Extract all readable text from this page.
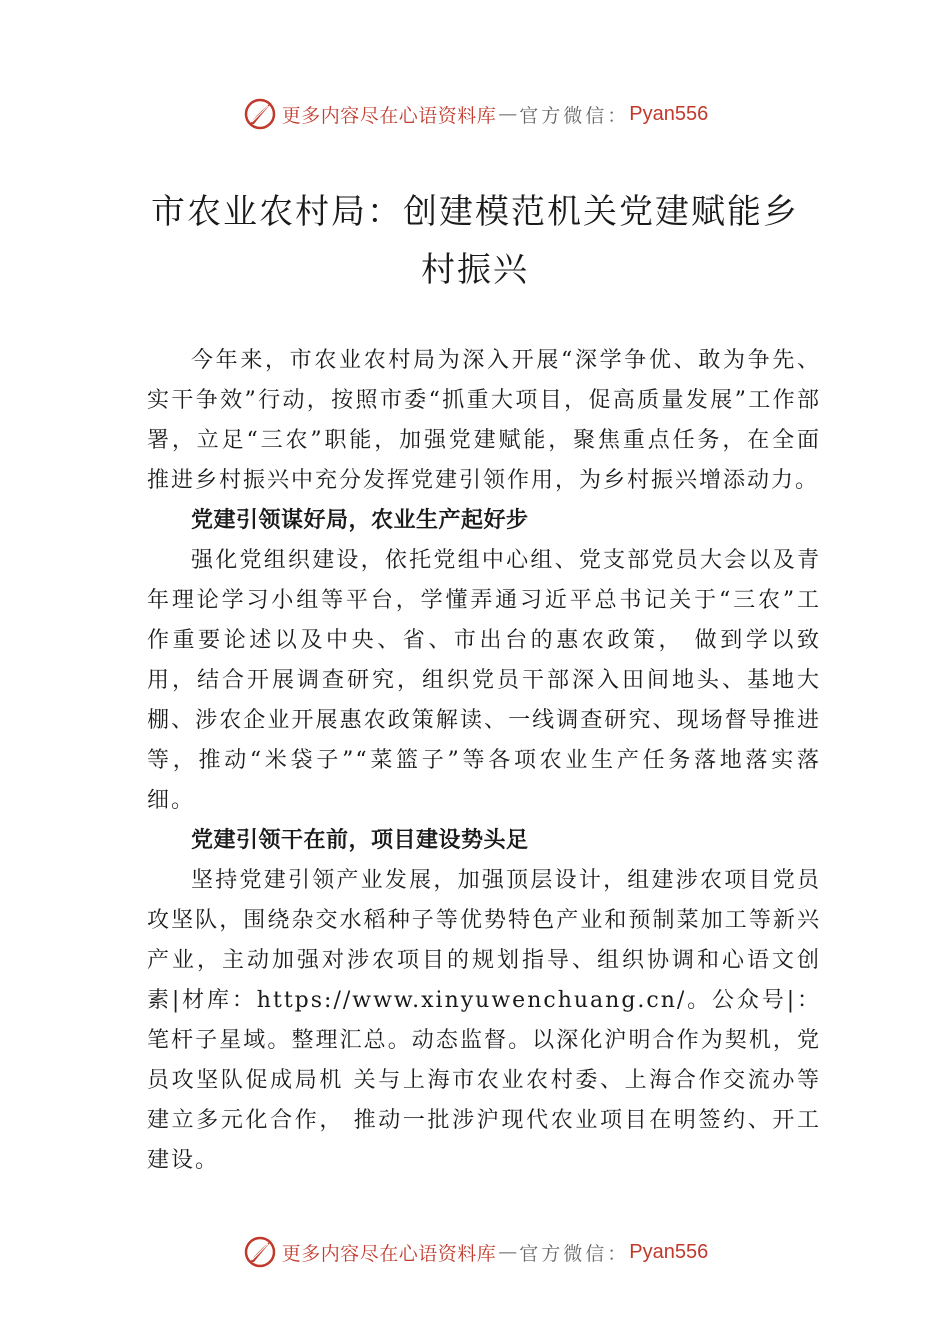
更多内容尽在心语资料库 — 官方微信： Pyan556
市农业农村局：创建模范机关党建赋能乡村振兴

今年来，市农业农村局为深入开展“深学争优、敢为争先、实干争效”行动，按照市委“抓重大项目，促高质量发展”工作部署，立足“三农”职能，加强党建赋能，聚焦重点任务，在全面推进乡村振兴中充分发挥党建引领作用，为乡村振兴增添动力。

党建引领谋好局，农业生产起好步

强化党组织建设，依托党组中心组、党支部党员大会以及青年理论学习小组等平台，学懂弄通习近平总书记关于“三农”工作重要论述以及中央、省、市出台的惠农政策， 做到学以致用，结合开展调查研究，组织党员干部深入田间地头、基地大棚、涉农企业开展惠农政策解读、一线调查研究、现场督导推进等，推动“米袋子”“菜篮子”等各项农业生产任务落地落实落细。

党建引领干在前，项目建设势头足

坚持党建引领产业发展，加强顶层设计，组建涉农项目党员攻坚队，围绕杂交水稻种子等优势特色产业和预制菜加工等新兴产业，主动加强对涉农项目的规划指导、组织协调和心语文创素|材库：https://www.xinyuwenchuang.cn/。公众号|：笔杆子星域。整理汇总。动态监督。以深化沪明合作为契机，党员攻坚队促成局机 关与上海市农业农村委、上海合作交流办等建立多元化合作， 推动一批涉沪现代农业项目在明签约、开工建设。

更多内容尽在心语资料库 — 官方微信： Pyan556
